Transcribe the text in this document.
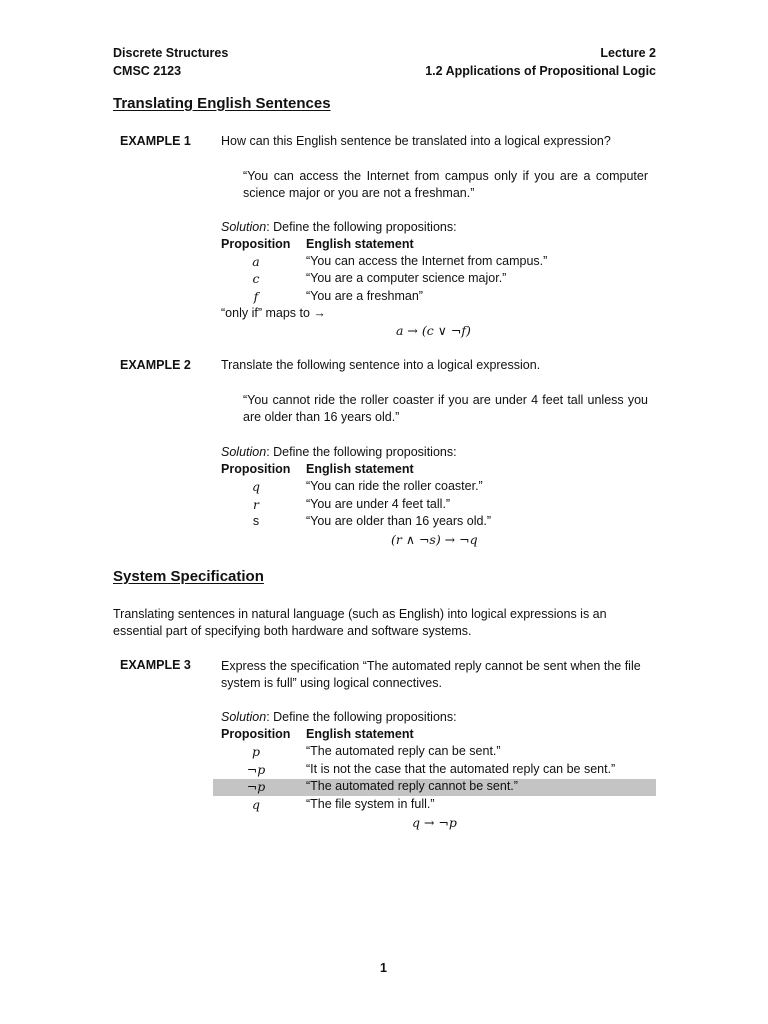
Discrete Structures
CMSC 2123
Lecture 2
1.2 Applications of Propositional Logic
Translating English Sentences
EXAMPLE 1 How can this English sentence be translated into a logical expression?
“You can access the Internet from campus only if you are a computer science major or you are not a freshman.”
Solution: Define the following propositions:
Proposition English statement
a	“You can access the Internet from campus.”
c	“You are a computer science major.”
f	“You are a freshman”
“only if” maps to →
a → (c ∨ ¬f)
EXAMPLE 2 Translate the following sentence into a logical expression.
“You cannot ride the roller coaster if you are under 4 feet tall unless you are older than 16 years old.”
Solution: Define the following propositions:
Proposition English statement
q	“You can ride the roller coaster.”
r	“You are under 4 feet tall.”
s	“You are older than 16 years old.”
(r ∧ ¬s) → ¬q
System Specification
Translating sentences in natural language (such as English) into logical expressions is an essential part of specifying both hardware and software systems.
EXAMPLE 3 Express the specification “The automated reply cannot be sent when the file system is full” using logical connectives.
Solution: Define the following propositions:
Proposition English statement
p	“The automated reply can be sent.”
¬p	“It is not the case that the automated reply can be sent.”
¬p	“The automated reply cannot be sent.”
q	“The file system in full.”
q → ¬p
1
